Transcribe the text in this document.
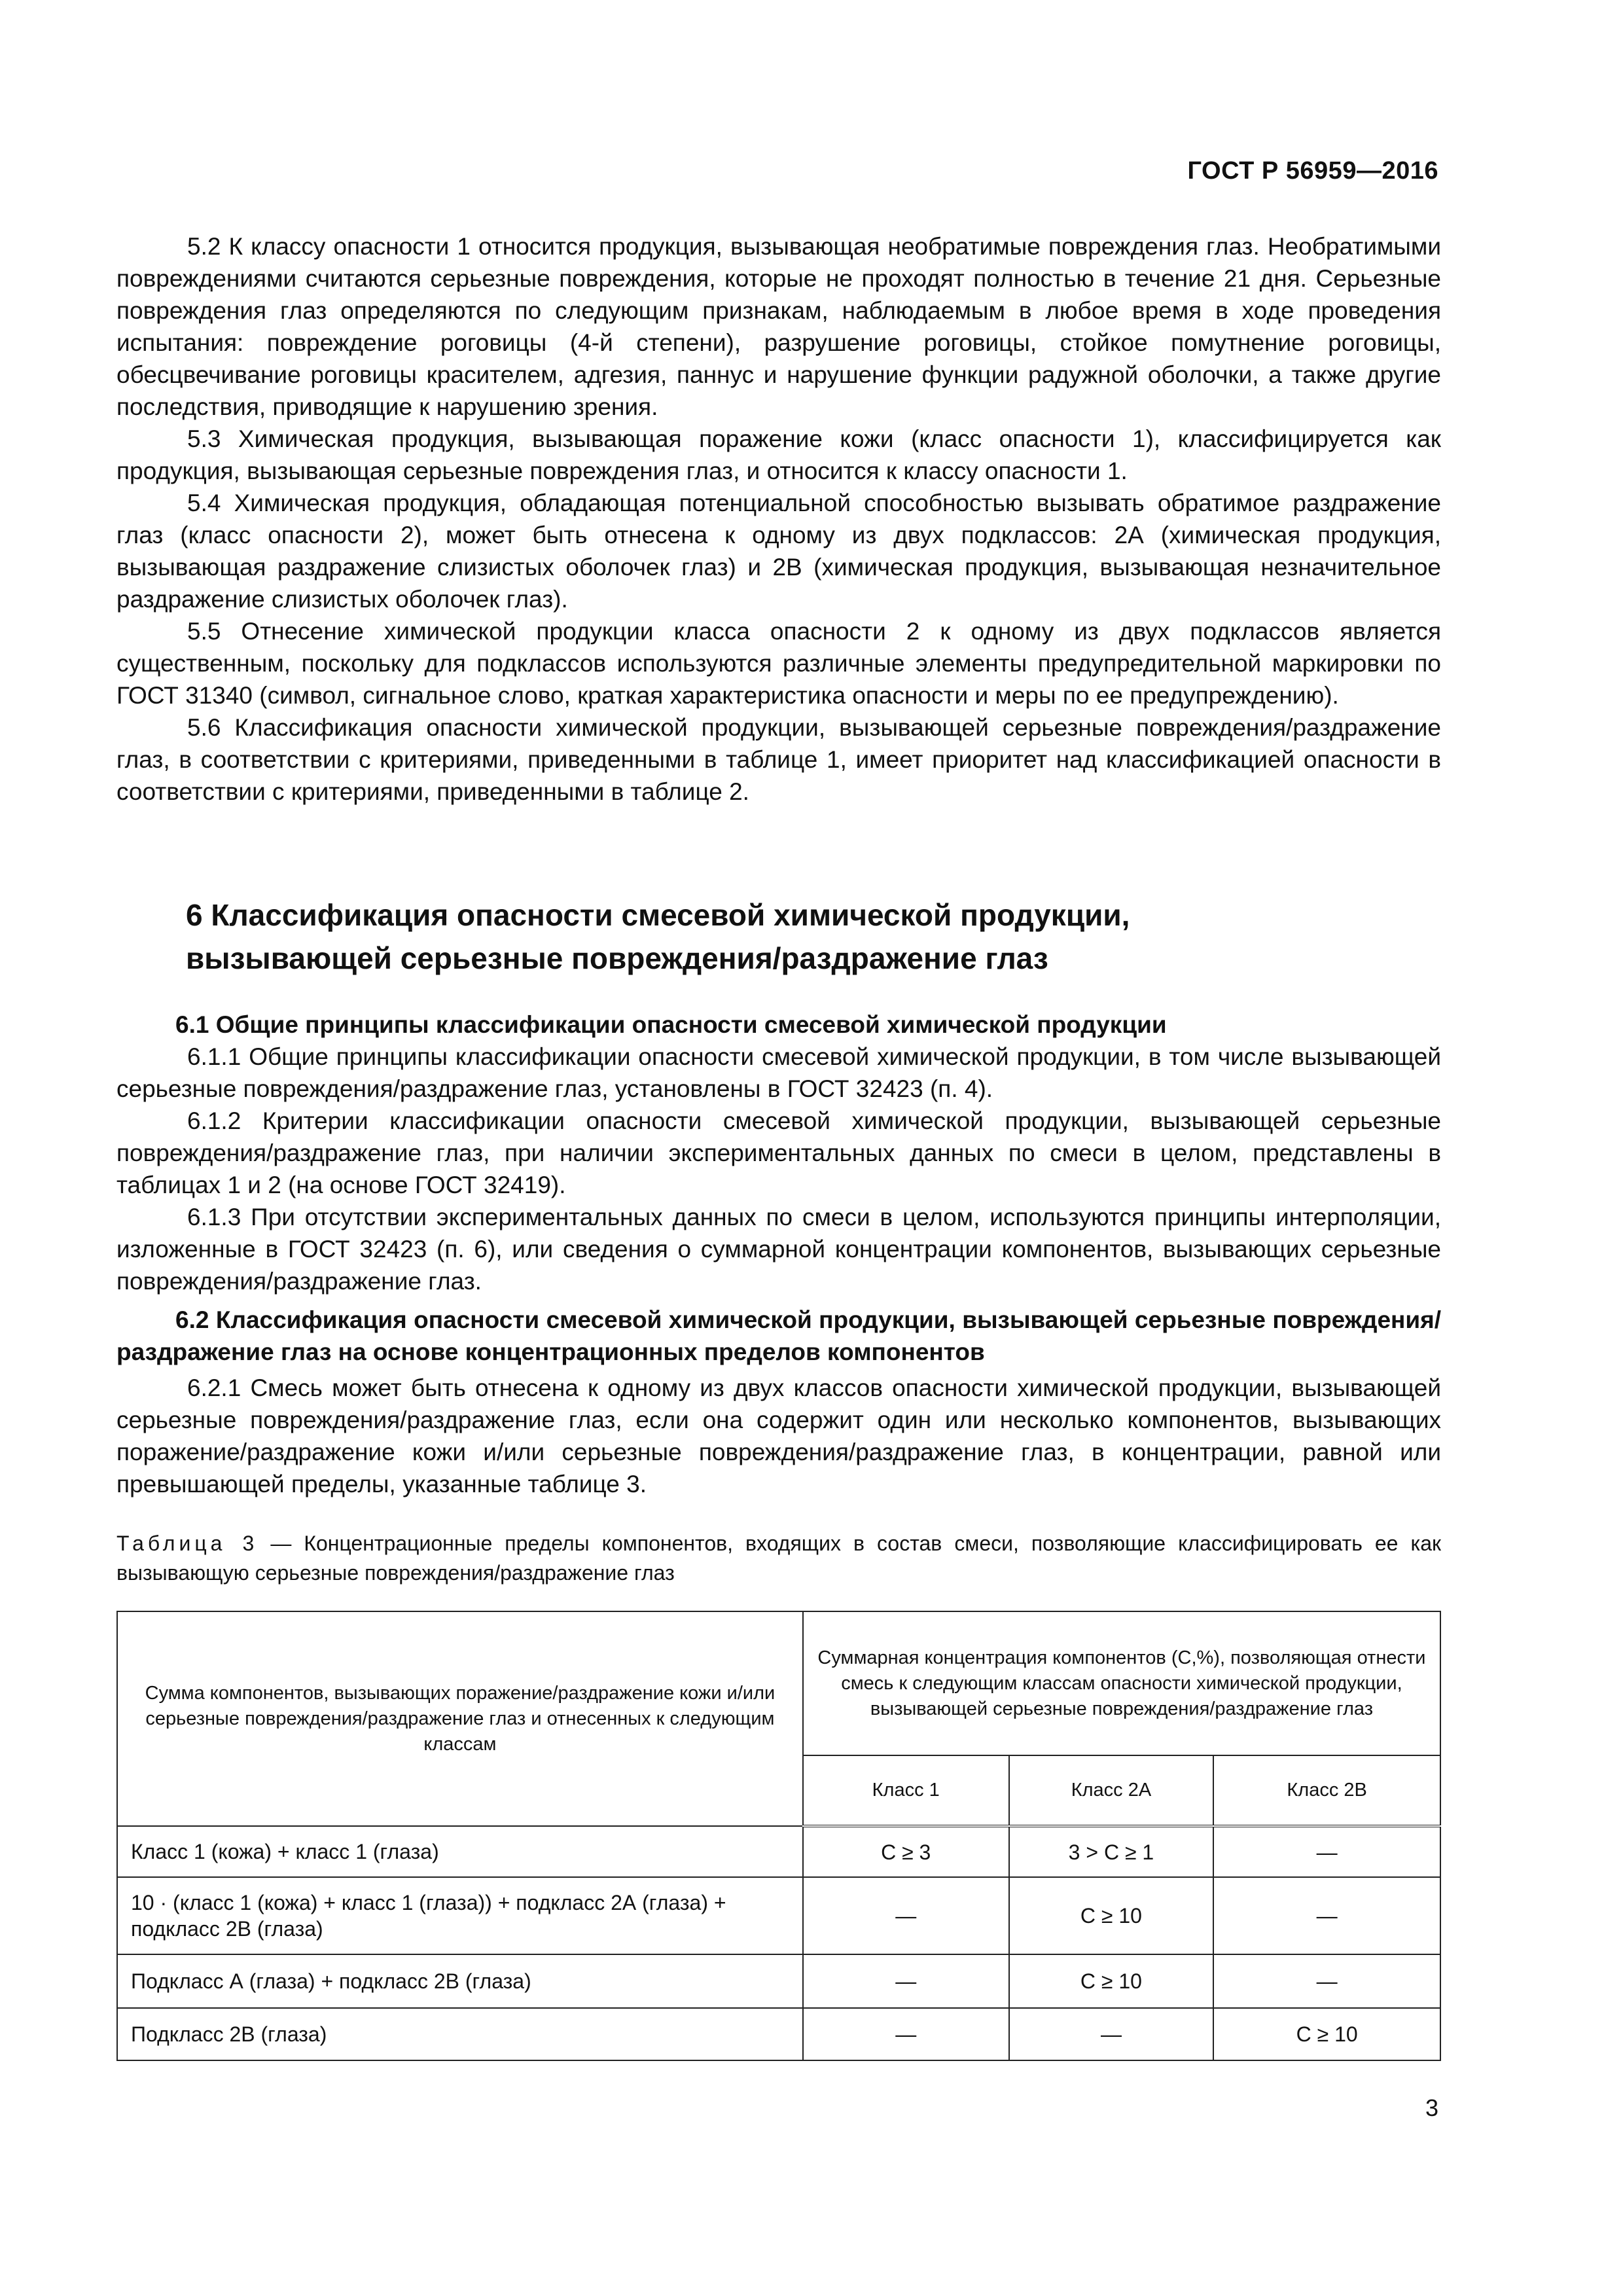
ГОСТ Р 56959—2016

5.2 К классу опасности 1 относится продукция, вызывающая необратимые повреждения глаз. Необратимыми повреждениями считаются серьезные повреждения, которые не проходят полностью в течение 21 дня. Серьезные повреждения глаз определяются по следующим признакам, наблюдаемым в любое время в ходе проведения испытания: повреждение роговицы (4-й степени), разрушение роговицы, стойкое помутнение роговицы, обесцвечивание роговицы красителем, адгезия, паннус и нарушение функции радужной оболочки, а также другие последствия, приводящие к нарушению зрения.

5.3 Химическая продукция, вызывающая поражение кожи (класс опасности 1), классифицируется как продукция, вызывающая серьезные повреждения глаз, и относится к классу опасности 1.

5.4 Химическая продукция, обладающая потенциальной способностью вызывать обратимое раздражение глаз (класс опасности 2), может быть отнесена к одному из двух подклассов: 2А (химическая продукция, вызывающая раздражение слизистых оболочек глаз) и 2В (химическая продукция, вызывающая незначительное раздражение слизистых оболочек глаз).

5.5 Отнесение химической продукции класса опасности 2 к одному из двух подклассов является существенным, поскольку для подклассов используются различные элементы предупредительной маркировки по ГОСТ 31340 (символ, сигнальное слово, краткая характеристика опасности и меры по ее предупреждению).

5.6 Классификация опасности химической продукции, вызывающей серьезные повреждения/раздражение глаз, в соответствии с критериями, приведенными в таблице 1, имеет приоритет над классификацией опасности в соответствии с критериями, приведенными в таблице 2.

6 Классификация опасности смесевой химической продукции,
вызывающей серьезные повреждения/раздражение глаз

6.1 Общие принципы классификации опасности смесевой химической продукции

6.1.1 Общие принципы классификации опасности смесевой химической продукции, в том числе вызывающей серьезные повреждения/раздражение глаз, установлены в ГОСТ 32423 (п. 4).

6.1.2 Критерии классификации опасности смесевой химической продукции, вызывающей серьезные повреждения/раздражение глаз, при наличии экспериментальных данных по смеси в целом, представлены в таблицах 1 и 2 (на основе ГОСТ 32419).

6.1.3 При отсутствии экспериментальных данных по смеси в целом, используются принципы интерполяции, изложенные в ГОСТ 32423 (п. 6), или сведения о суммарной концентрации компонентов, вызывающих серьезные повреждения/раздражение глаз.

6.2 Классификация опасности смесевой химической продукции, вызывающей серьезные повреждения/раздражение глаз на основе концентрационных пределов компонентов

6.2.1 Смесь может быть отнесена к одному из двух классов опасности химической продукции, вызывающей серьезные повреждения/раздражение глаз, если она содержит один или несколько компонентов, вызывающих поражение/раздражение кожи и/или серьезные повреждения/раздражение глаз, в концентрации, равной или превышающей пределы, указанные таблице 3.

Таблица 3 — Концентрационные пределы компонентов, входящих в состав смеси, позволяющие классифицировать ее как вызывающую серьезные повреждения/раздражение глаз
Сумма компонентов, вызывающих поражение/раздражение кожи и/или серьезные повреждения/раздражение глаз и отнесенных к следующим классам	Суммарная концентрация компонентов (С,%), позволяющая отнести смесь к следующим классам опасности химической продукции, вызывающей серьезные повреждения/раздражение глаз		
	Класс 1	Класс 2А	Класс 2В
Класс 1 (кожа) + класс 1 (глаза)	C ≥ 3	3 > C ≥ 1	—
10 · (класс 1 (кожа) + класс 1 (глаза)) + подкласс 2А (глаза) + подкласс 2В (глаза)	—	C ≥ 10	—
Подкласс А (глаза) + подкласс 2В (глаза)	—	C ≥ 10	—
Подкласс 2В (глаза)	—	—	C ≥ 10
3
